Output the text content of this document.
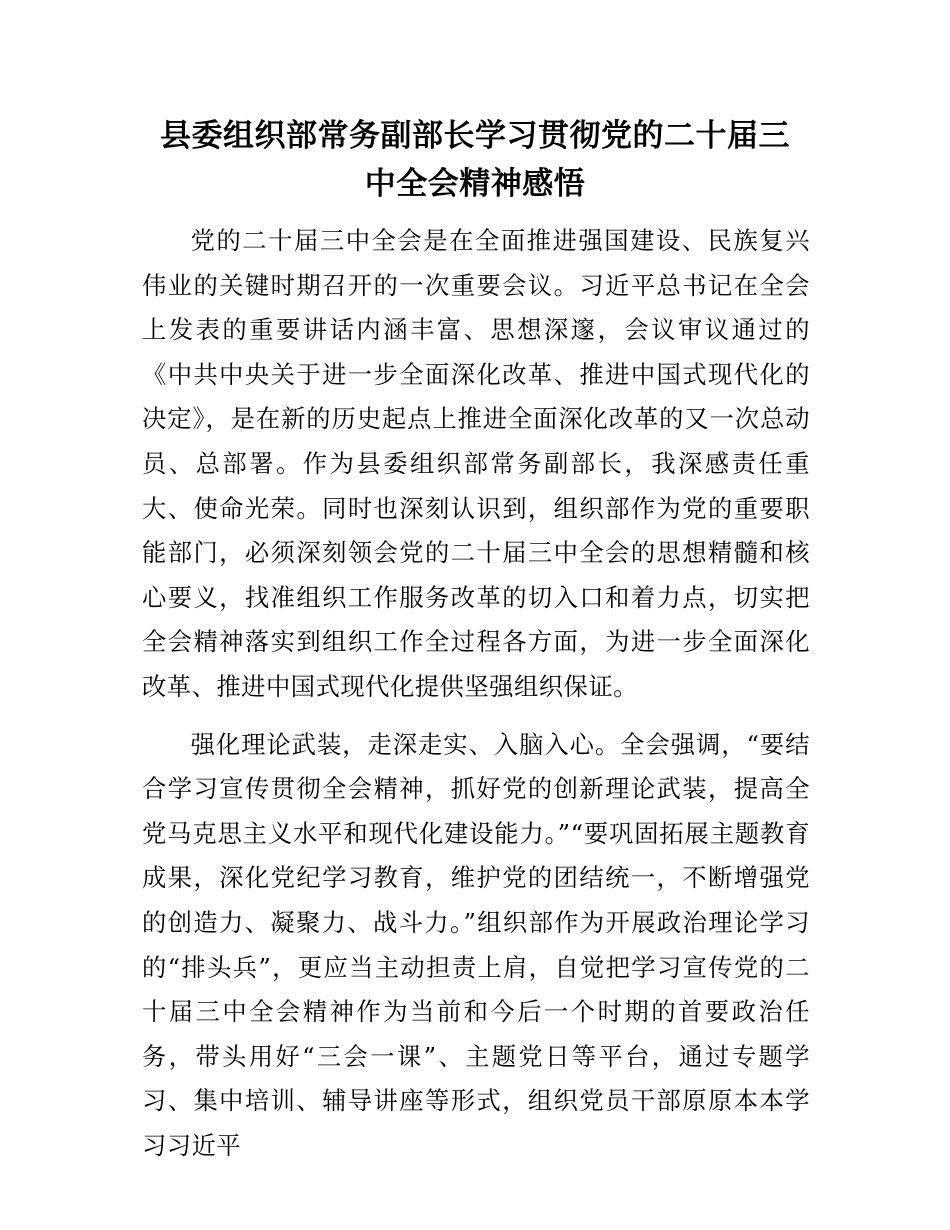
县委组织部常务副部长学习贯彻党的二十届三
中全会精神感悟

党的二十届三中全会是在全面推进强国建设、民族复兴伟业的关键时期召开的一次重要会议。习近平总书记在全会上发表的重要讲话内涵丰富、思想深邃，会议审议通过的《中共中央关于进一步全面深化改革、推进中国式现代化的决定》，是在新的历史起点上推进全面深化改革的又一次总动员、总部署。作为县委组织部常务副部长，我深感责任重大、使命光荣。同时也深刻认识到，组织部作为党的重要职能部门，必须深刻领会党的二十届三中全会的思想精髓和核心要义，找准组织工作服务改革的切入口和着力点，切实把全会精神落实到组织工作全过程各方面，为进一步全面深化改革、推进中国式现代化提供坚强组织保证。

强化理论武装，走深走实、入脑入心。全会强调，“要结合学习宣传贯彻全会精神，抓好党的创新理论武装，提高全党马克思主义水平和现代化建设能力。”“要巩固拓展主题教育成果，深化党纪学习教育，维护党的团结统一，不断增强党的创造力、凝聚力、战斗力。”组织部作为开展政治理论学习的“排头兵”，更应当主动担责上肩，自觉把学习宣传党的二十届三中全会精神作为当前和今后一个时期的首要政治任务，带头用好“三会一课”、主题党日等平台，通过专题学习、集中培训、辅导讲座等形式，组织党员干部原原本本学习习近平
